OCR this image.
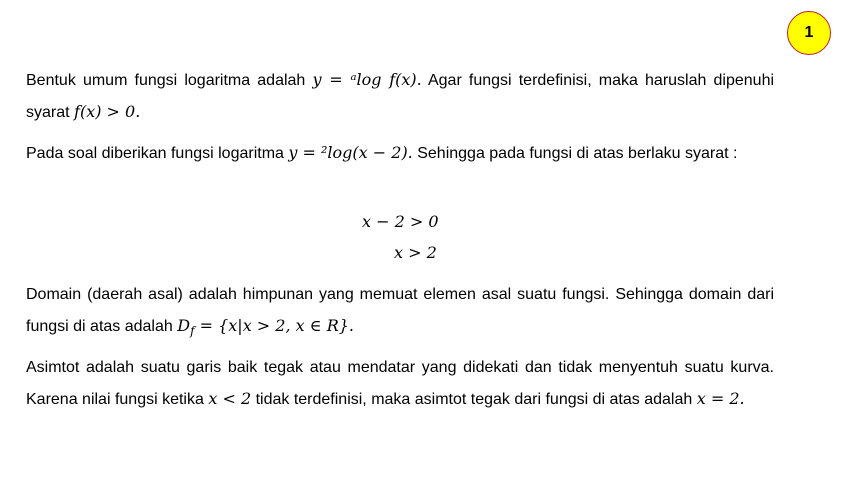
1

Bentuk umum fungsi logaritma adalah y = ᵃlog f(x). Agar fungsi terdefinisi, maka haruslah dipenuhi syarat f(x) > 0.

Pada soal diberikan fungsi logaritma y = ²log(x − 2). Sehingga pada fungsi di atas berlaku syarat :

x − 2 > 0
x > 2

Domain (daerah asal) adalah himpunan yang memuat elemen asal suatu fungsi. Sehingga domain dari fungsi di atas adalah $D_f = \{x|x > 2$, x ∈ R}.

Asimtot adalah suatu garis baik tegak atau mendatar yang didekati dan tidak menyentuh suatu kurva. Karena nilai fungsi ketika x < 2 tidak terdefinisi, maka asimtot tegak dari fungsi di atas adalah x = 2.
